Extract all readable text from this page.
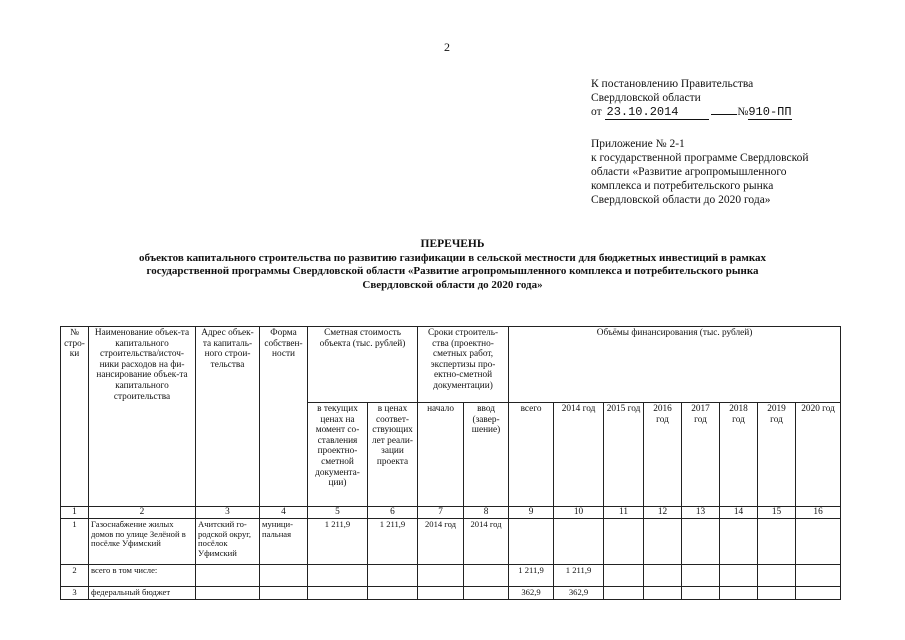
2
К постановлению Правительства
Свердловской области
от 23.10.2014	№910-ПП
Приложение № 2-1
к государственной программе Свердловской
области «Развитие агропромышленного
комплекса и потребительского рынка
Свердловской области до 2020 года»
ПЕРЕЧЕНЬ
объектов капитального строительства по развитию газификации в сельской местности для бюджетных инвестиций в рамках
государственной программы Свердловской области «Развитие агропромышленного комплекса и потребительского рынка
Свердловской области до 2020 года»
№ стро-ки	Наименование объек-та капитального строительства/источ-ники расходов на фи-нансирование объек-та капитального строительства	Адрес объек-та капиталь-ного строи-тельства	Форма собствен-ности	Сметная стоимость объекта (тыс. рублей)		Сроки строитель-ства (проектно-сметных работ, экспертизы про-ектно-сметной документации)		Объёмы финансирования (тыс. рублей)							
				в текущих ценах на момент со-ставления проектно-сметной документа-ции)	в ценах соответ-ствующих лет реали-зации проекта	начало	ввод (завер-шение)	всего	2014 год	2015 год	2016 год	2017 год	2018 год	2019 год	2020 год
1	2	3	4	5	6	7	8	9	10	11	12	13	14	15	16
1	Газоснабжение жилых домов по улице Зелёной в посёлке Уфимский	Ачитский го-родской округ, посёлок Уфимский	муници-пальная	1 211,9	1 211,9	2014 год	2014 год								
2	всего в том числе:							1 211,9	1 211,9						
3	федеральный бюджет							362,9	362,9						
